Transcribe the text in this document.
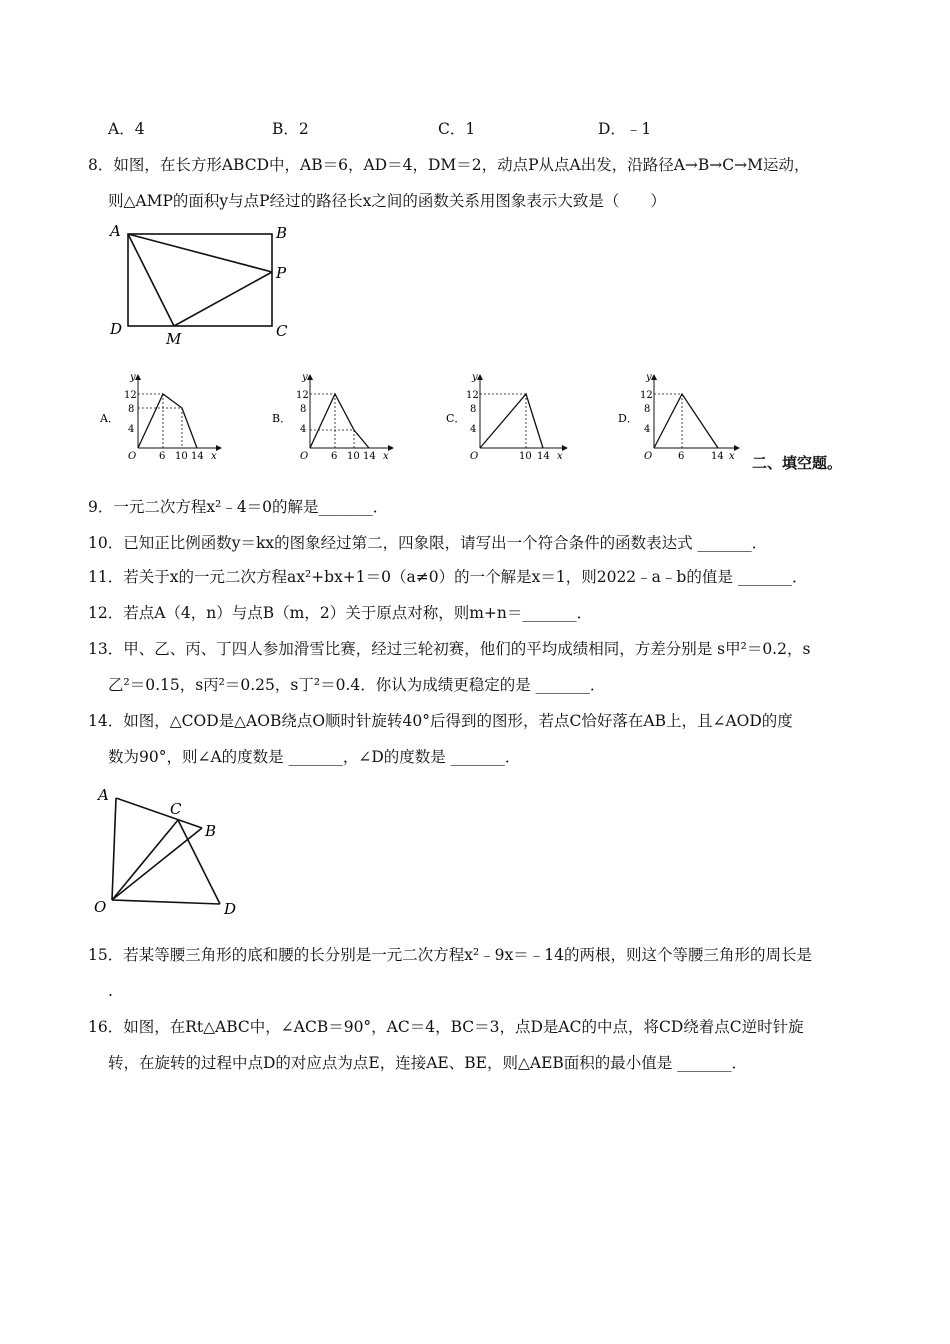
A．4	B．2	C．1	D．﹣1
8．如图，在长方形ABCD中，AB＝6，AD＝4，DM＝2，动点P从点A出发，沿路径A→B→C→M运动，
则△AMP的面积y与点P经过的路径长x之间的函数关系用图象表示大致是（　　）
A	B
P
D	C
M
A．
y
12
8
4
O 6 10 14 x
B．
y
12
8
4
O 6 10 14 x
C．
y
12
8
4
O	10 14 x
D．
y
12
8
4
O	6	14 x 二、填空题。
9．一元二次方程x²﹣4＝0的解是_______．
10．已知正比例函数y＝kx的图象经过第二，四象限，请写出一个符合条件的函数表达式 _______．
11．若关于x的一元二次方程ax²+bx+1＝0（a≠0）的一个解是x＝1，则2022﹣a﹣b的值是 _______．
12．若点A（4，n）与点B（m，2）关于原点对称，则m+n＝_______．
13．甲、乙、丙、丁四人参加滑雪比赛，经过三轮初赛，他们的平均成绩相同，方差分别是 s甲²＝0.2，s
乙²＝0.15，s丙²＝0.25，s丁²＝0.4．你认为成绩更稳定的是 _______．
14．如图，△COD是△AOB绕点O顺时针旋转40°后得到的图形，若点C恰好落在AB上，且∠AOD的度
数为90°，则∠A的度数是 _______，∠D的度数是 _______．
A
C
B
O	D
15．若某等腰三角形的底和腰的长分别是一元二次方程x²﹣9x＝﹣14的两根，则这个等腰三角形的周长是
.
16．如图，在Rt△ABC中，∠ACB＝90°，AC＝4，BC＝3，点D是AC的中点，将CD绕着点C逆时针旋
转，在旋转的过程中点D的对应点为点E，连接AE、BE，则△AEB面积的最小值是 _______．
